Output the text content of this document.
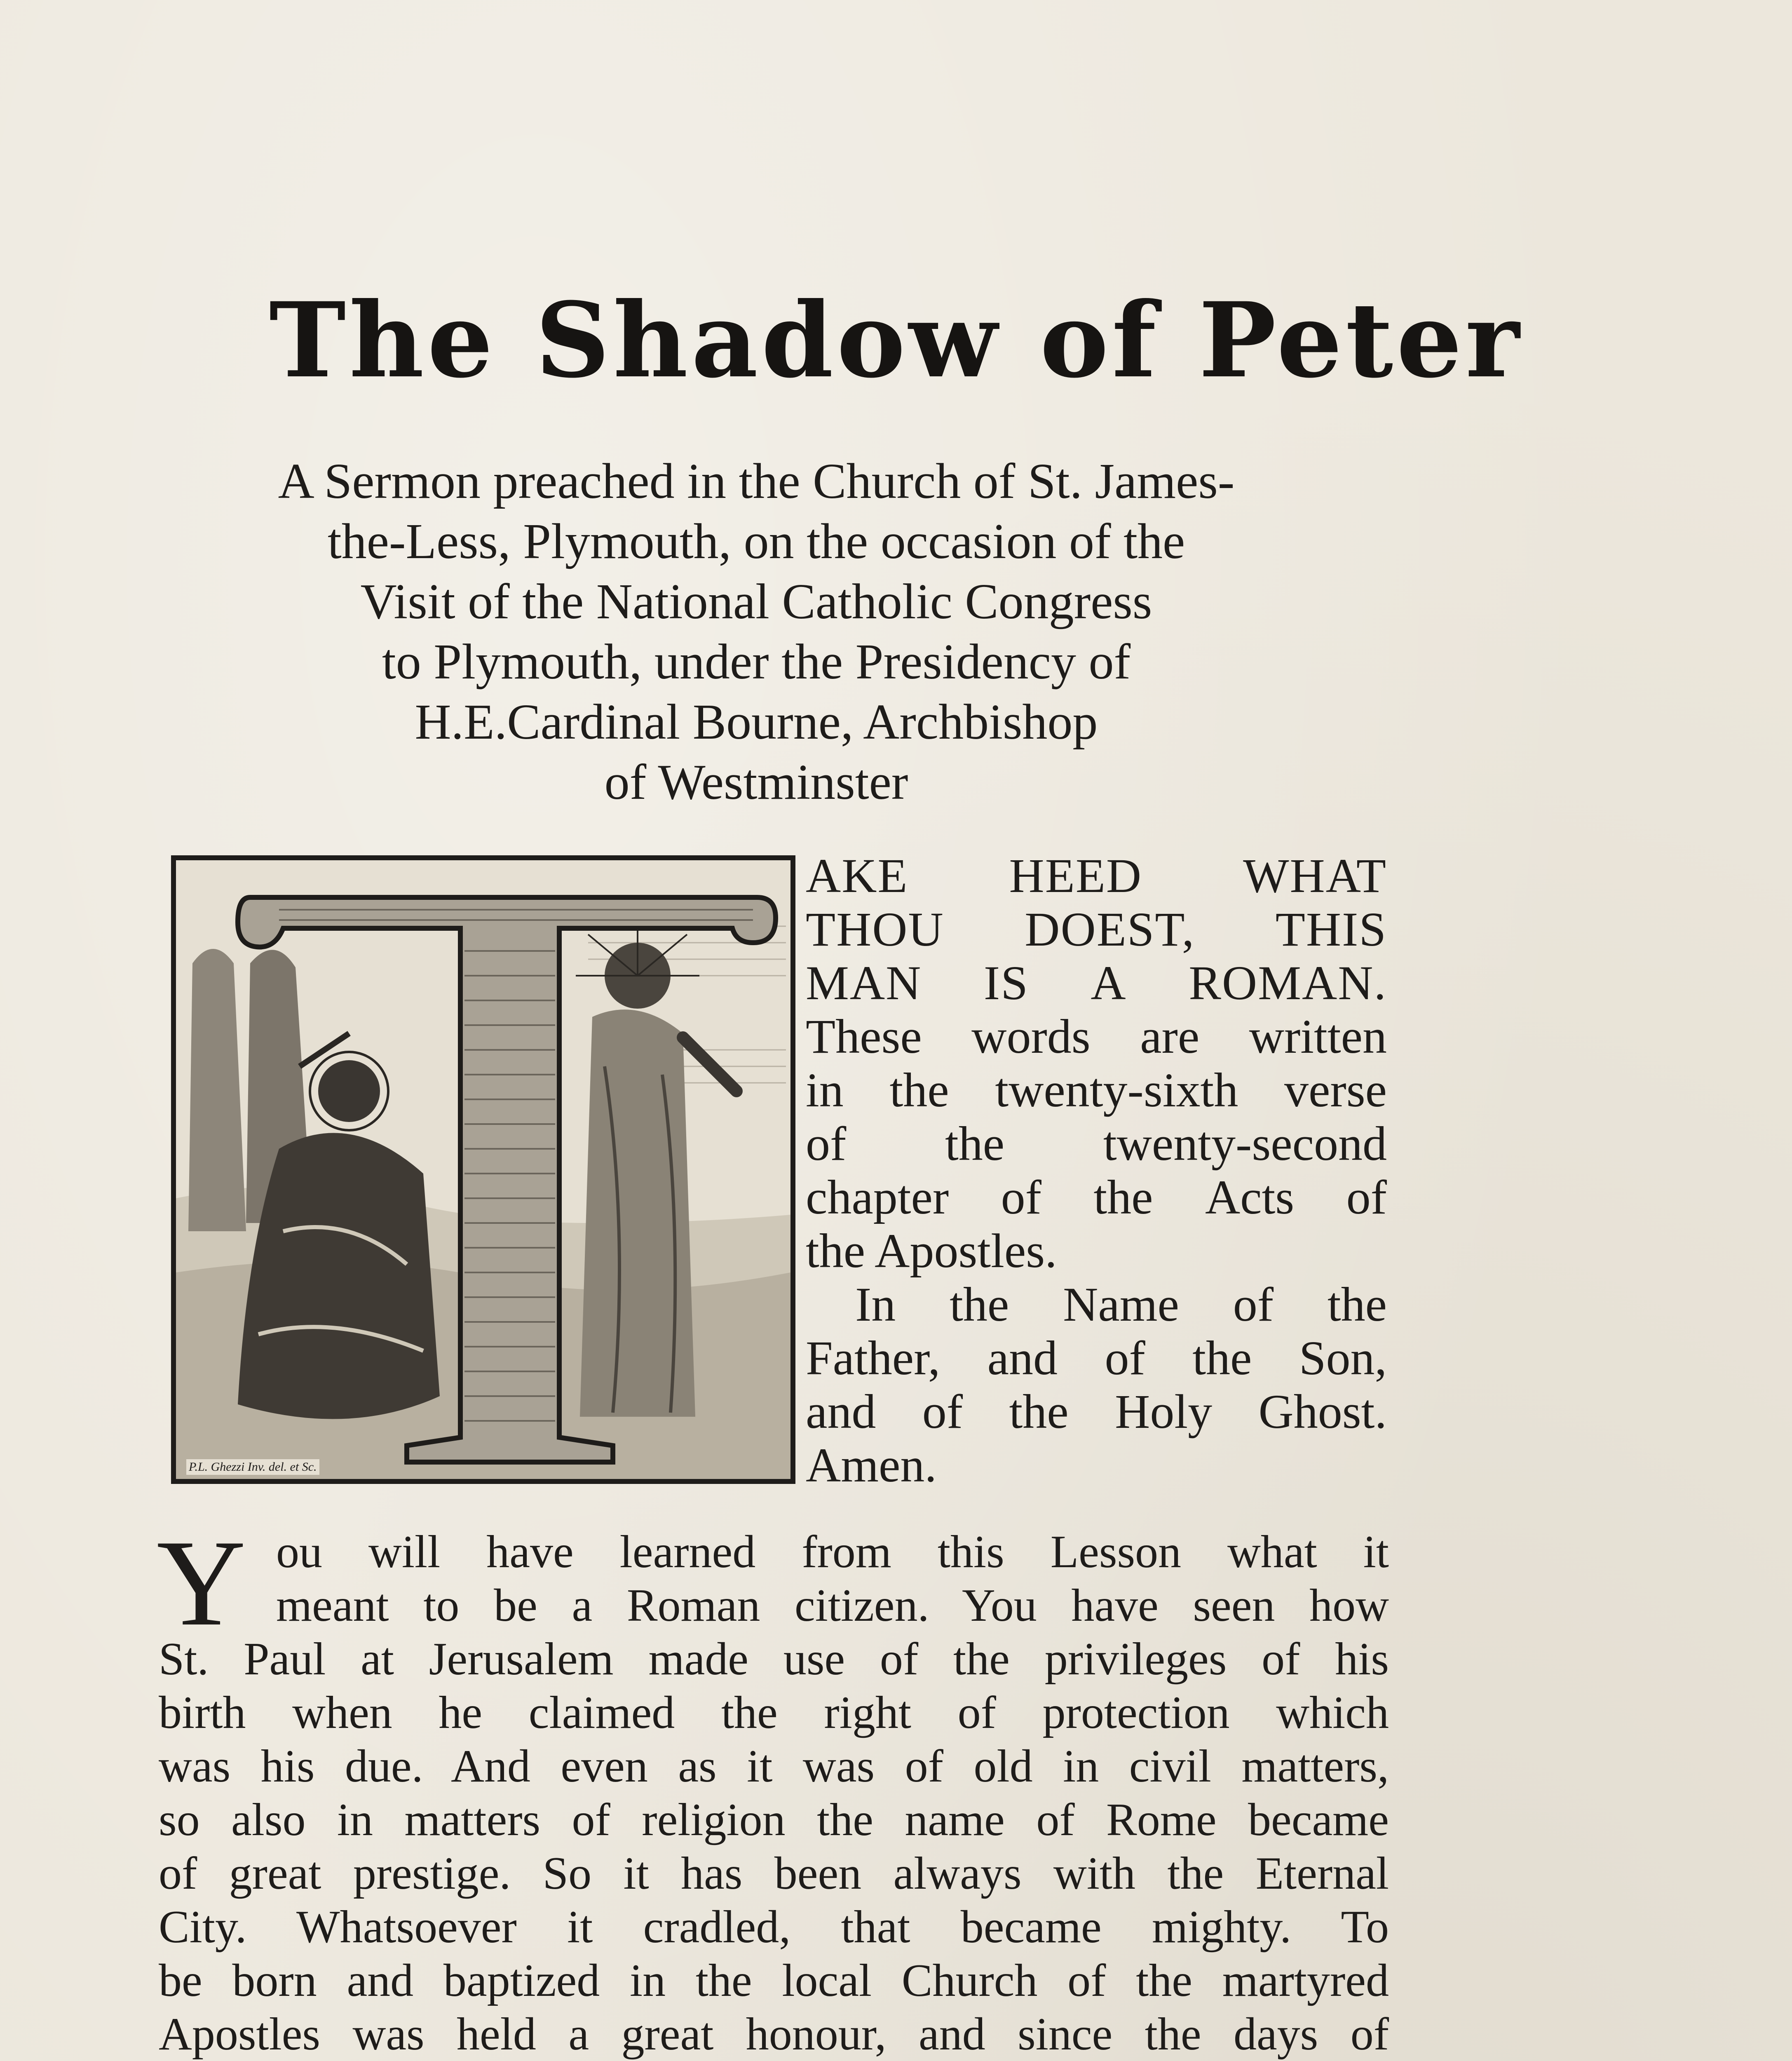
The Shadow of Peter
A Sermon preached in the Church of St. James-
the-Less, Plymouth, on the occasion of the
Visit of the National Catholic Congress
to Plymouth, under the Presidency of
H.E.Cardinal Bourne, Archbishop
of Westminster
P.L. Ghezzi Inv. del. et Sc.
AKE HEED WHAT
THOU DOEST, THIS
MAN IS A ROMAN.
These words are written
in the twenty-sixth verse
of the twenty-second
chapter of the Acts of
the Apostles.
In the Name of the
Father, and of the Son,
and of the Holy Ghost.
Amen.
Y ou will have learned from this Lesson what it
meant to be a Roman citizen. You have seen how
St. Paul at Jerusalem made use of the privileges of his
birth when he claimed the right of protection which
was his due. And even as it was of old in civil matters,
so also in matters of religion the name of Rome became
of great prestige. So it has been always with the Eternal
City. Whatsoever it cradled, that became mighty. To
be born and baptized in the local Church of the martyred
Apostles was held a great honour, and since the days of
